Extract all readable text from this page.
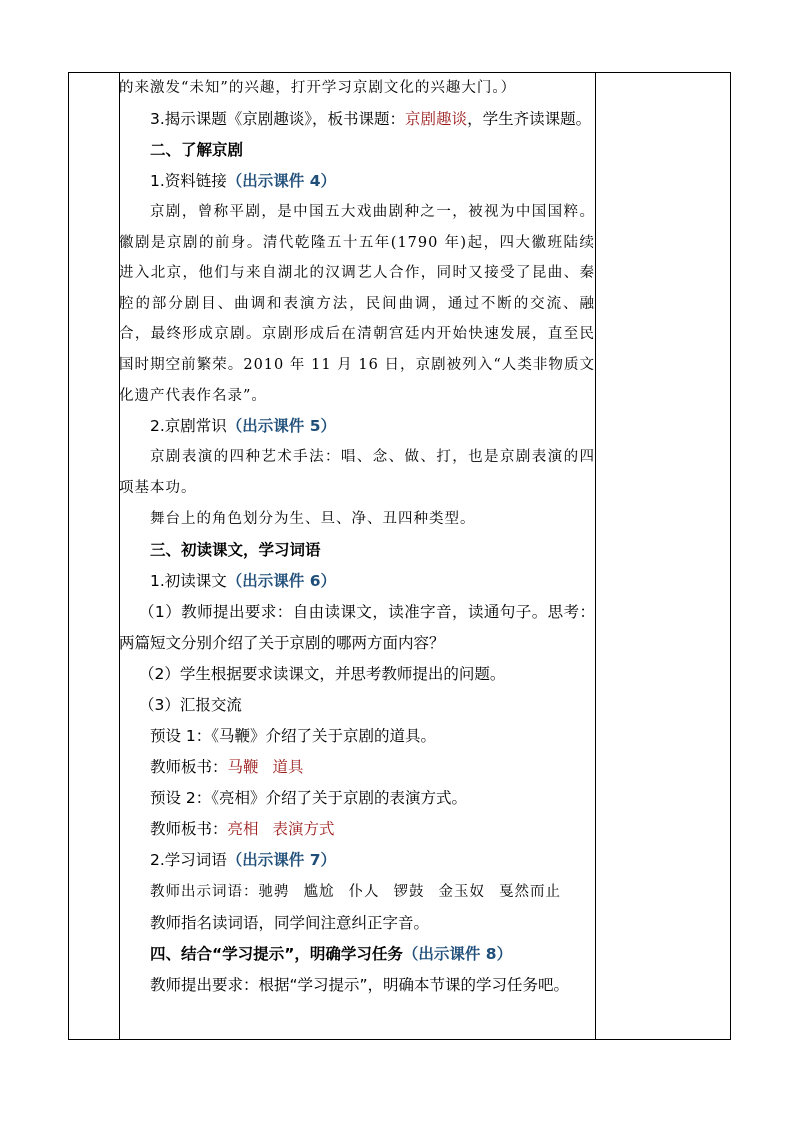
的来激发“未知”的兴趣，打开学习京剧文化的兴趣大门。）

3.揭示课题《京剧趣谈》，板书课题：京剧趣谈，学生齐读课题。

二、了解京剧

1.资料链接（出示课件 4）

京剧，曾称平剧，是中国五大戏曲剧种之一，被视为中国国粹。徽剧是京剧的前身。清代乾隆五十五年(1790 年)起，四大徽班陆续进入北京，他们与来自湖北的汉调艺人合作，同时又接受了昆曲、秦腔的部分剧目、曲调和表演方法，民间曲调，通过不断的交流、融合，最终形成京剧。京剧形成后在清朝宫廷内开始快速发展，直至民国时期空前繁荣。2010 年 11 月 16 日，京剧被列入“人类非物质文化遗产代表作名录”。

2.京剧常识（出示课件 5）

京剧表演的四种艺术手法：唱、念、做、打，也是京剧表演的四项基本功。

舞台上的角色划分为生、旦、净、丑四种类型。

三、初读课文，学习词语

1.初读课文（出示课件 6）

（1）教师提出要求：自由读课文，读准字音，读通句子。思考：两篇短文分别介绍了关于京剧的哪两方面内容？

（2）学生根据要求读课文，并思考教师提出的问题。

（3）汇报交流

预设 1：《马鞭》介绍了关于京剧的道具。

教师板书：马鞭 道具

预设 2：《亮相》介绍了关于京剧的表演方式。

教师板书：亮相 表演方式

2.学习词语（出示课件 7）

教师出示词语：驰骋 尴尬 仆人 锣鼓 金玉奴 戛然而止

教师指名读词语，同学间注意纠正字音。

四、结合“学习提示”，明确学习任务（出示课件 8）

教师提出要求：根据“学习提示”，明确本节课的学习任务吧。
